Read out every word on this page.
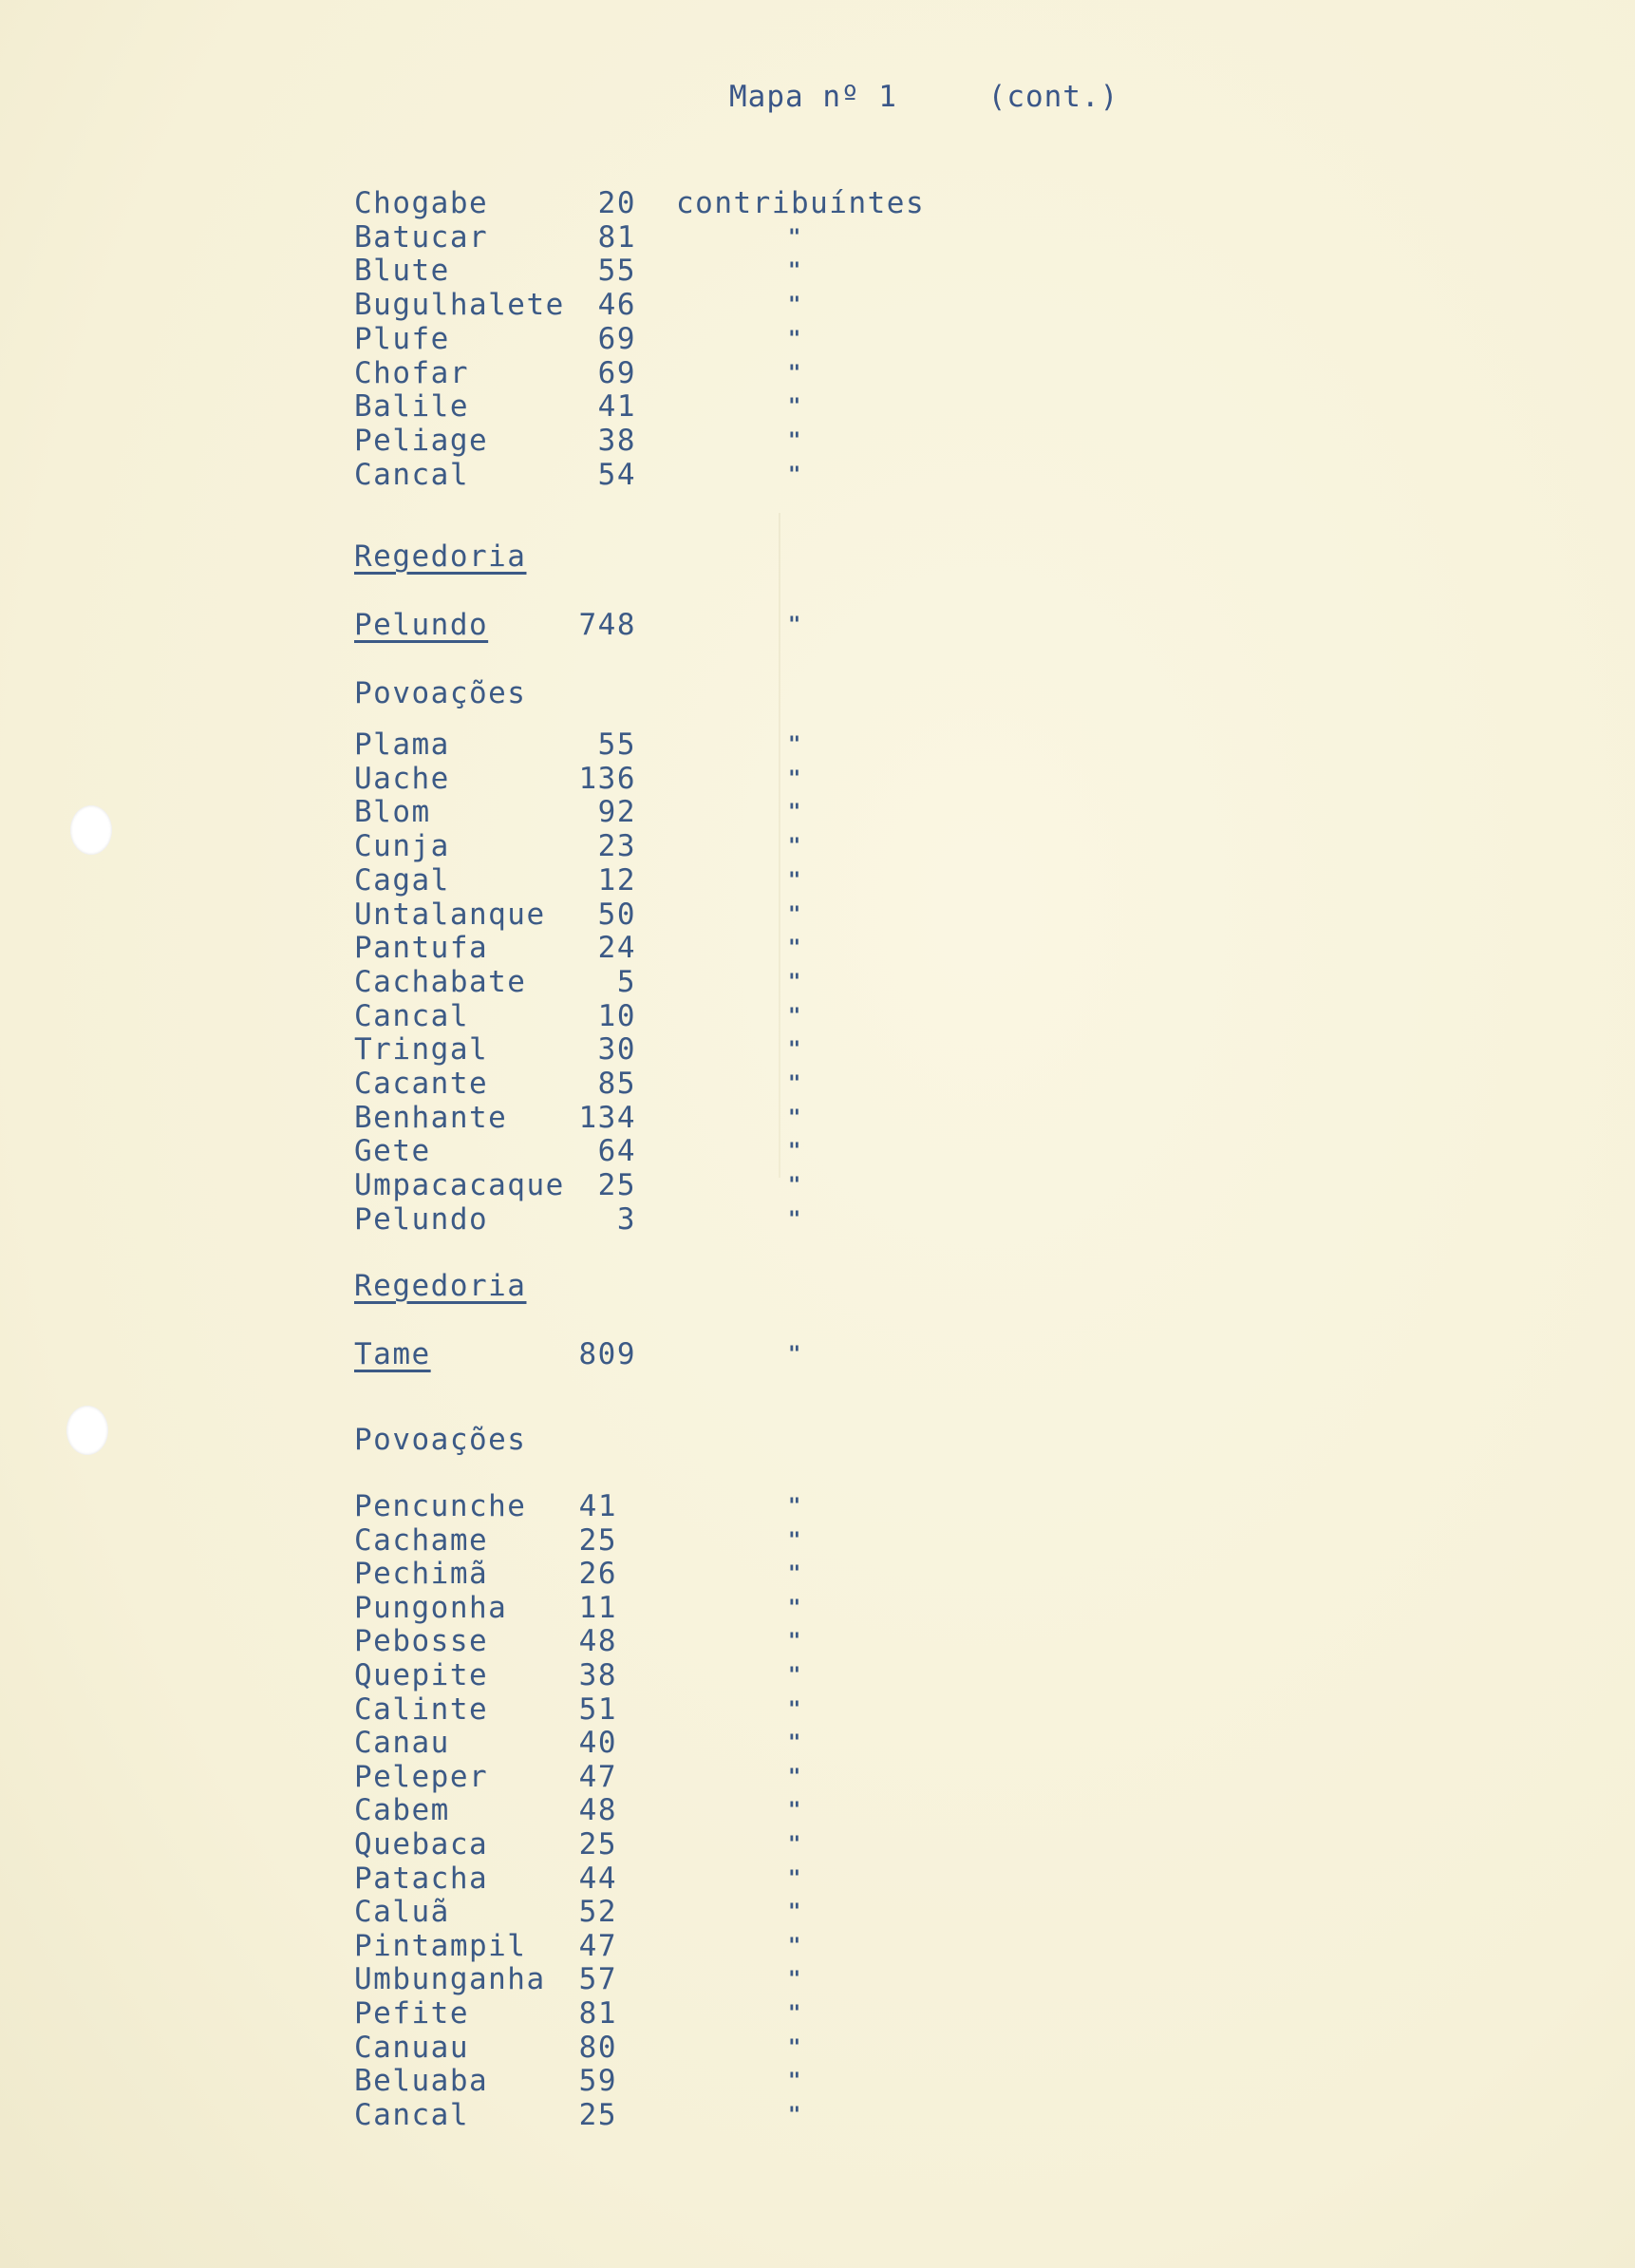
Mapa nº 1	(cont.)
Chogabe	20 contribuíntes
Batucar	81	"
Blute	55	"
Bugulhalete	46	"
Plufe	69	"
Chofar	69	"
Balile	41	"
Peliage	38	"
Cancal	54	"
Regedoria
Pelundo	748	"
Povoações
Plama	55	"
Uache	136	"
Blom	92	"
Cunja	23	"
Cagal	12	"
Untalanque	50	"
Pantufa	24	"
Cachabate	5	"
Cancal	10	"
Tringal	30	"
Cacante	85	"
Benhante	134	"
Gete	64	"
Umpacacaque	25	"
Pelundo	3	"
Regedoria
Tame	809	"
Povoações
Pencunche	41	"
Cachame	25	"
Pechimã	26	"
Pungonha	11	"
Pebosse	48	"
Quepite	38	"
Calinte	51	"
Canau	40	"
Peleper	47	"
Cabem	48	"
Quebaca	25	"
Patacha	44	"
Caluã	52	"
Pintampil	47	"
Umbunganha	57	"
Pefite	81	"
Canuau	80	"
Beluaba	59	"
Cancal	25	"
